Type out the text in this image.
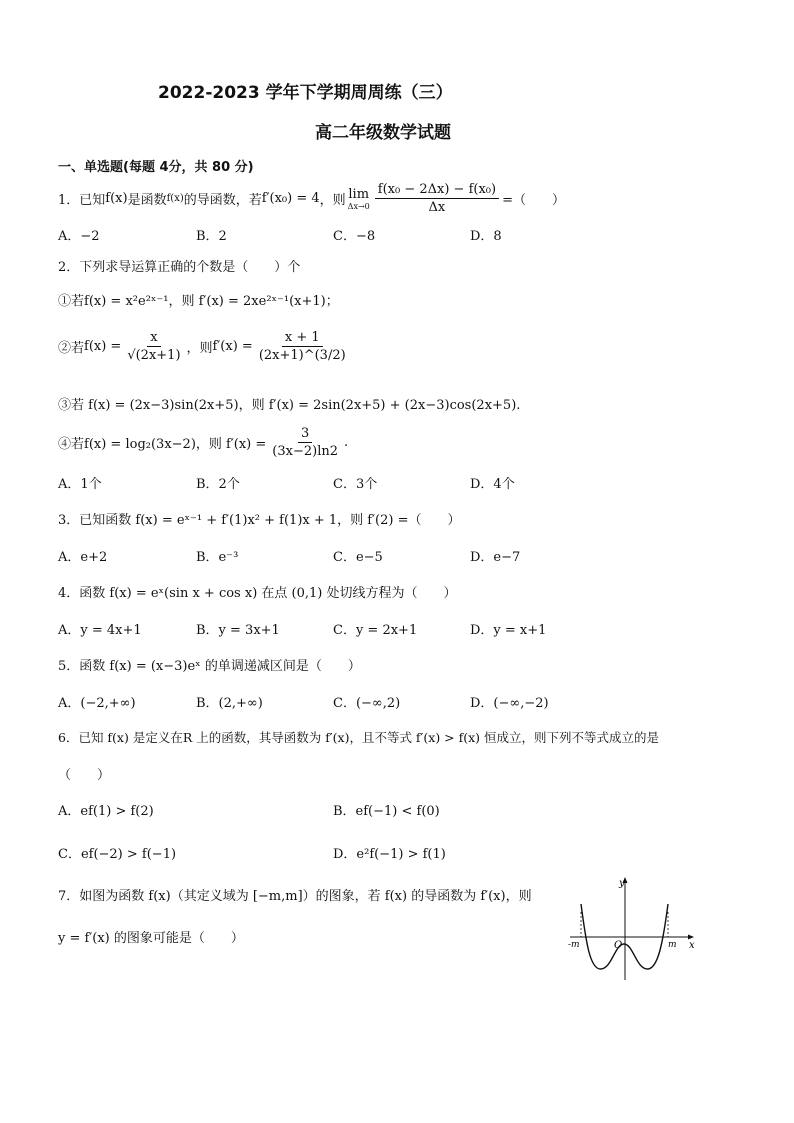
2022-2023 学年下学期周周练（三）
高二年级数学试题
一、单选题(每题 4分，共 80 分)
1．已知 f(x) 是函数 f(x) 的导函数，若 f′(x₀) = 4 ，则 lim
$\Delta x\to 0 \frac{\text{f(x₀ − 2Δx) − f(x₀)}}{\Delta x}$ =（　　）
A．−2	B．2	C．−8	D．8
2．下列求导运算正确的个数是（　　）个
①若f(x) = x²e²ˣ⁻¹，则 f′(x) = 2xe²ˣ⁻¹(x+1)；
②若 $f(x) = \frac{x}{√(2x+1)}$ ，则 $f'(x) = \frac{x + 1}{(2x+1)\^{}(3/2)}$
③若 f(x) = (2x−3)sin(2x+5)，则 f′(x) = 2sin(2x+5) + (2x−3)cos(2x+5).
④若 f(x) = log₂(3x−2)，则 $f'(x) = \frac{3}{(3x-2)\ln 2}$ .
A．1个	B．2个	C．3个	D．4个
3．已知函数 f(x) = eˣ⁻¹ + f′(1)x² + f(1)x + 1，则 f′(2) =（　　）
A．e+2	B．e⁻³	C．e−5	D．e−7
4．函数 f(x) = eˣ(sin x + cos x) 在点 (0,1) 处切线方程为（　　）
A．y = 4x+1	B．y = 3x+1	C．y = 2x+1	D．y = x+1
5．函数 f(x) = (x−3)eˣ 的单调递减区间是（　　）
A．(−2,+∞)	B．(2,+∞)	C．(−∞,2)	D．(−∞,−2)
6．已知 f(x) 是定义在R 上的函数，其导函数为 f′(x)，且不等式 f′(x) > f(x) 恒成立，则下列不等式成立的是
（　　）
A．ef(1) > f(2)	B．ef(−1) < f(0)
C．ef(−2) > f(−1)	D．e²f(−1) > f(1)
7．如图为函数 f(x)（其定义域为 [−m,m]）的图象，若 f(x) 的导函数为 f′(x)，则
y = f′(x) 的图象可能是（　　）
y
x
O
-m	m
